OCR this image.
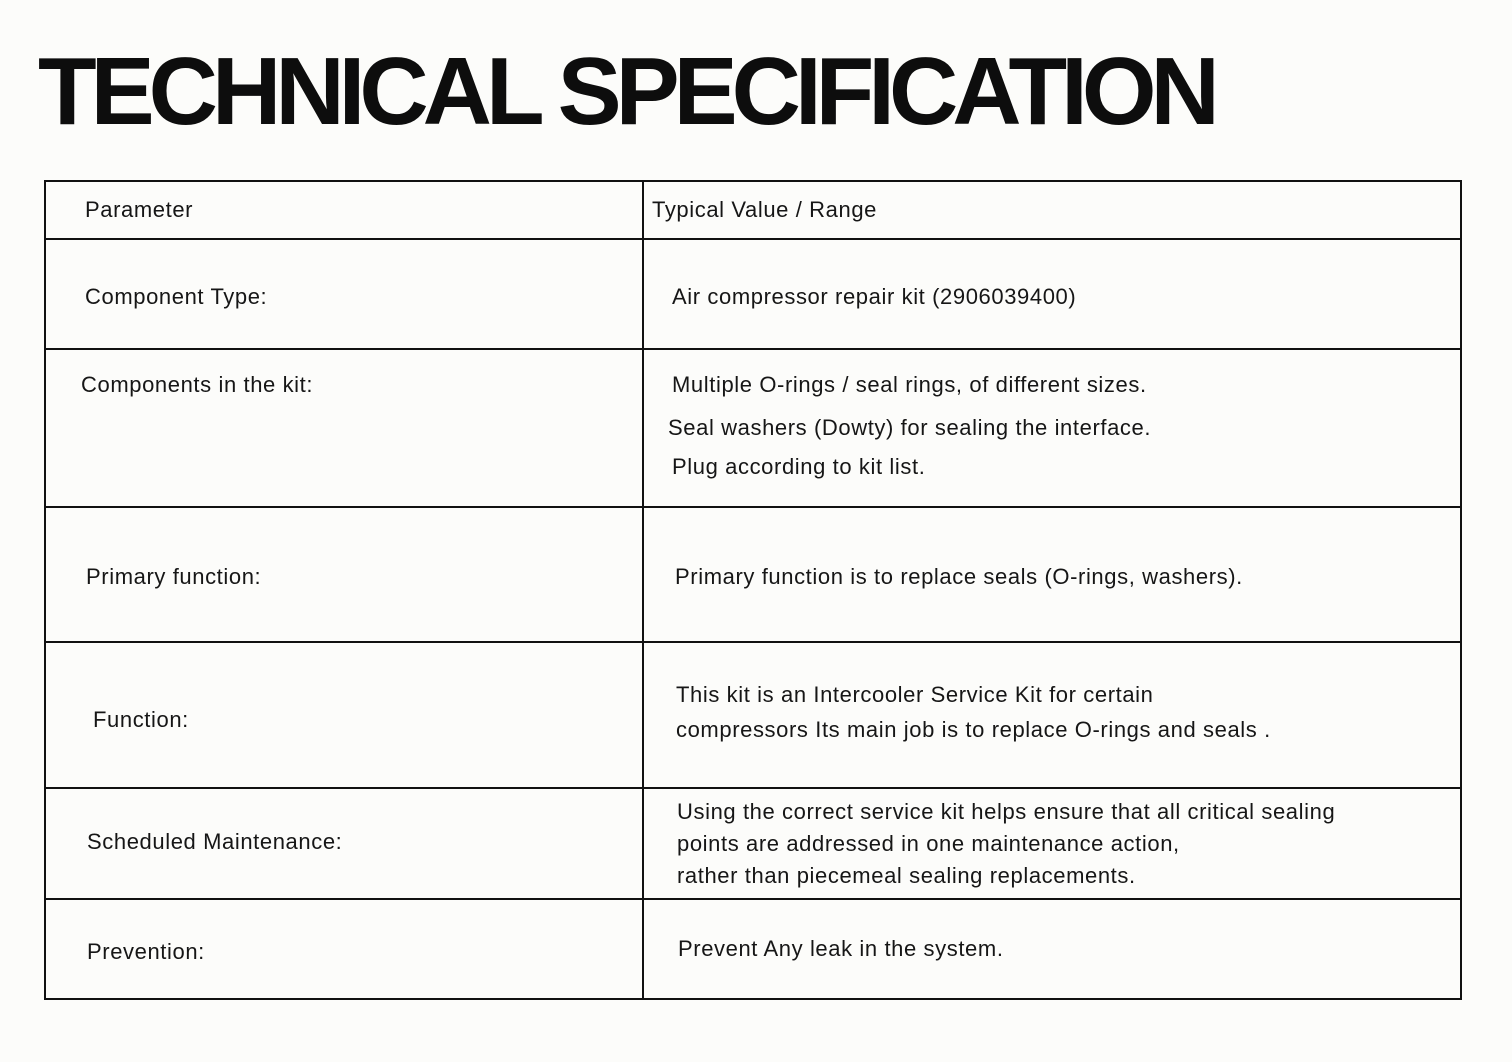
TECHNICAL SPECIFICATION
Parameter	Typical Value / Range
Component Type:	Air compressor repair kit (2906039400)
Components in the kit:	Multiple O-rings / seal rings, of different sizes.
Seal washers (Dowty) for sealing the interface.
Plug according to kit list.
Primary function:	Primary function is to replace seals (O-rings, washers).
Function:
This kit is an Intercooler Service Kit for certain
compressors Its main job is to replace O-rings and seals .
Scheduled Maintenance:
Using the correct service kit helps ensure that all critical sealing
points are addressed in one maintenance action,
rather than piecemeal sealing replacements.
Prevention:	Prevent Any leak in the system.
